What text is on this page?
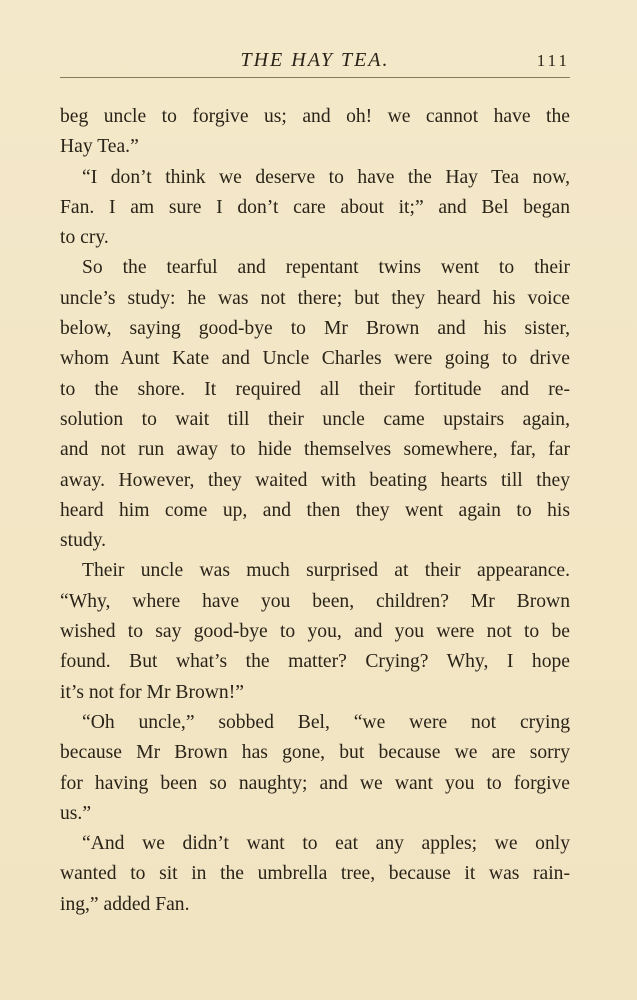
THE HAY TEA.	111

beg uncle to forgive us; and oh! we cannot have the

Hay Tea.”

“I don’t think we deserve to have the Hay Tea now,

Fan. I am sure I don’t care about it;” and Bel began

to cry.

So the tearful and repentant twins went to their

uncle’s study: he was not there; but they heard his voice

below, saying good-bye to Mr Brown and his sister,

whom Aunt Kate and Uncle Charles were going to drive

to the shore. It required all their fortitude and re-

solution to wait till their uncle came upstairs again,

and not run away to hide themselves somewhere, far, far

away. However, they waited with beating hearts till they

heard him come up, and then they went again to his

study.

Their uncle was much surprised at their appearance.

“Why, where have you been, children? Mr Brown

wished to say good-bye to you, and you were not to be

found. But what’s the matter? Crying? Why, I hope

it’s not for Mr Brown!”

“Oh uncle,” sobbed Bel, “we were not crying

because Mr Brown has gone, but because we are sorry

for having been so naughty; and we want you to forgive

us.”

“And we didn’t want to eat any apples; we only

wanted to sit in the umbrella tree, because it was rain-

ing,” added Fan.
